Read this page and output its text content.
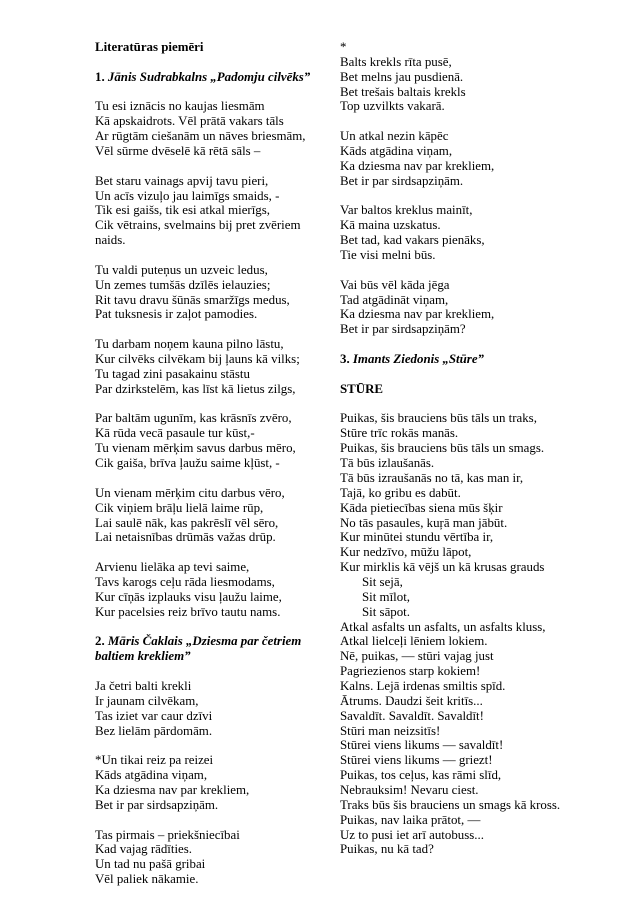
Literatūras piemēri
1. Jānis Sudrabkalns „Padomju cilvēks”
Tu esi iznācis no kaujas liesmām
Kā apskaidrots. Vēl prātā vakars tāls
Ar rūgtām ciešanām un nāves briesmām,
Vēl sūrme dvēselē kā rētā sāls –
Bet staru vainags apvij tavu pieri,
Un acīs vizuļo jau laimīgs smaids, -
Tik esi gaišs, tik esi atkal mierīgs,
Cik vētrains, svelmains bij pret zvēriem naids.
Tu valdi puteņus un uzveic ledus,
Un zemes tumšās dzīlēs ielauzies;
Rit tavu dravu šūnās smaržīgs medus,
Pat tuksnesis ir zaļot pamodies.
Tu darbam noņem kauna pilno lāstu,
Kur cilvēks cilvēkam bij ļauns kā vilks;
Tu tagad zini pasakainu stāstu
Par dzirkstelēm, kas līst kā lietus zilgs,
Par baltām ugunīm, kas krāsnīs zvēro,
Kā rūda vecā pasaule tur kūst,-
Tu vienam mērķim savus darbus mēro,
Cik gaiša, brīva ļaužu saime kļūst, -
Un vienam mērķim citu darbus vēro,
Cik viņiem brāļu lielā laime rūp,
Lai saulē nāk, kas pakrēslī vēl sēro,
Lai netaisnības drūmās važas drūp.
Arvienu lielāka ap tevi saime,
Tavs karogs ceļu rāda liesmodams,
Kur cīņās izplauks visu ļaužu laime,
Kur pacelsies reiz brīvo tautu nams.
2. Māris Čaklais „Dziesma par četriem baltiem krekliem”
Ja četri balti krekli
Ir jaunam cilvēkam,
Tas iziet var caur dzīvi
Bez lielām pārdomām.
*Un tikai reiz pa reizei
Kāds atgādina viņam,
Ka dziesma nav par krekliem,
Bet ir par sirdsapziņām.
Tas pirmais – priekšniecībai
Kad vajag rādīties.
Un tad nu pašā gribai
Vēl paliek nākamie.
*
Balts krekls rīta pusē,
Bet melns jau pusdienā.
Bet trešais baltais krekls
Top uzvilkts vakarā.
Un atkal nezin kāpēc
Kāds atgādina viņam,
Ka dziesma nav par krekliem,
Bet ir par sirdsapziņām.
Var baltos kreklus mainīt,
Kā maina uzskatus.
Bet tad, kad vakars pienāks,
Tie visi melni būs.
Vai būs vēl kāda jēga
Tad atgādināt viņam,
Ka dziesma nav par krekliem,
Bet ir par sirdsapziņām?
3. Imants Ziedonis „Stūre”
STŪRE
Puikas, šis brauciens būs tāls un traks,
Stūre trīc rokās manās.
Puikas, šis brauciens būs tāls un smags.
Tā būs izlaušanās.
Tā būs izraušanās no tā, kas man ir,
Tajā, ko gribu es dabūt.
Kāda pietiecības siena mūs šķir
No tās pasaules, kuŗā man jābūt.
Kur minūtei stundu vērtība ir,
Kur nedzīvo, mūžu lāpot,
Kur mirklis kā vējš un kā krusas grauds
Sit sejā,
Sit mīlot,
Sit sāpot.
Atkal asfalts un asfalts, un asfalts kluss,
Atkal lielceļi lēniem lokiem.
Nē, puikas, — stūri vajag just
Pagriezienos starp kokiem!
Kalns. Lejā irdenas smiltis spīd.
Ātrums. Daudzi šeit kritīs...
Savaldīt. Savaldīt. Savaldīt!
Stūri man neizsitīs!
Stūrei viens likums — savaldīt!
Stūrei viens likums — griezt!
Puikas, tos ceļus, kas rāmi slīd,
Nebrauksim! Nevaru ciest.
Traks būs šis brauciens un smags kā kross.
Puikas, nav laika prātot, —
Uz to pusi iet arī autobuss...
Puikas, nu kā tad?
